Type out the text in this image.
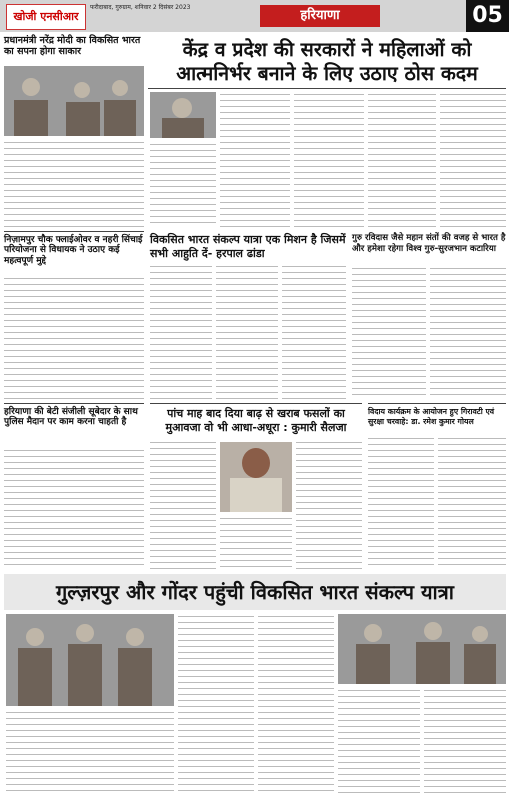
खोजी एनसीआर
फरीदाबाद, गुरुग्राम, शनिवार 2 दिसंबर 2023
हरियाणा	05
प्रधानमंत्री नरेंद्र मोदी का विकसित भारत का सपना होगा साकार	केंद्र व प्रदेश की सरकारों ने महिलाओं को
आत्मनिर्भर बनाने के लिए उठाए ठोस कदम
निज़ामपुर चौक फ्लाईओवर व नहरी सिंचाई परियोजना से विधायक ने उठाए कई महत्वपूर्ण मुद्दे
विकसित भारत संकल्प यात्रा एक मिशन है जिसमें सभी आहुति दें- हरपाल ढांडा
गुरु रविदास जैसे महान संतों की वजह से भारत है और हमेशा रहेगा विश्व गुरु-सुरजभान कटारिया
हरियाणा की बेटी संजीली सूबेदार के साथ पुलिस मैदान पर काम करना चाहती है
पांच माह बाद दिया बाढ़ से खराब फसलों का मुआवजा वो भी आधा-अधूरा : कुमारी सैलजा
विदाय कार्यक्रम के आयोजन हुए गिरावटी एवं सुरक्षा चरवाहे: डा. रमेश कुमार गोयल
गुल्ज़रपुर और गोंदर पहुंची विकसित भारत संकल्प यात्रा
